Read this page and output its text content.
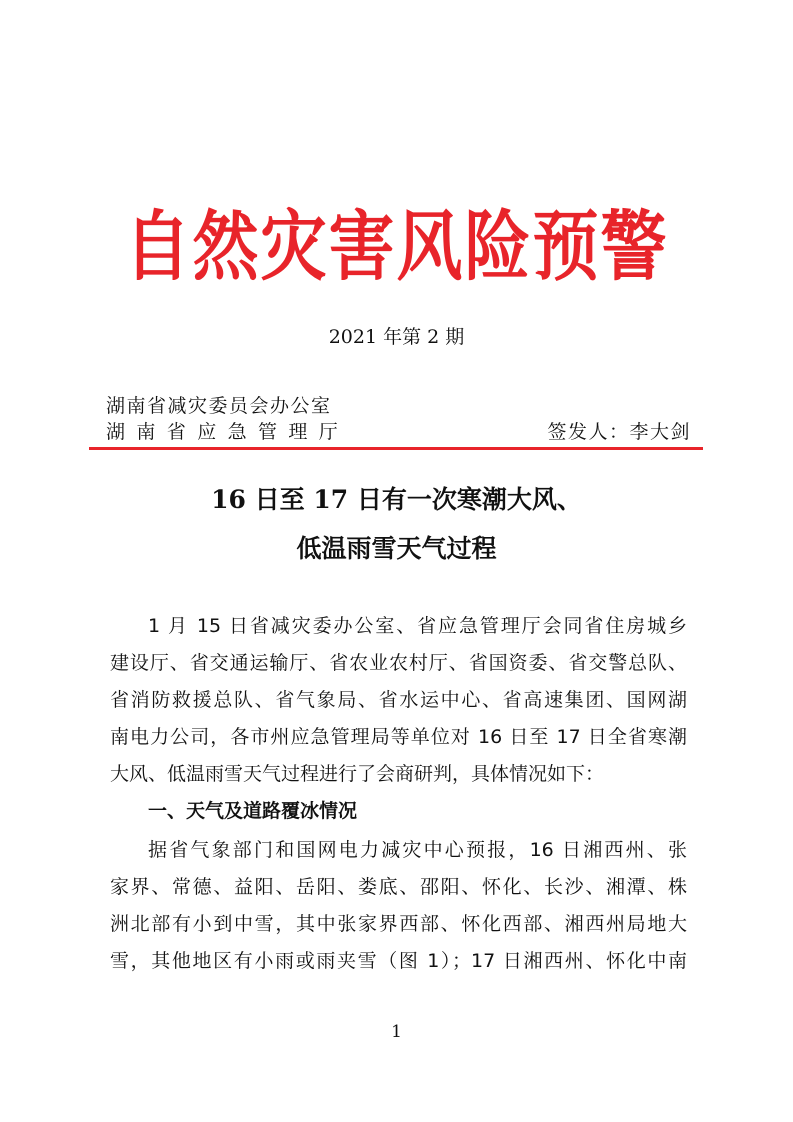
自然灾害风险预警
2021 年第 2 期
湖南省减灾委员会办公室
湖南省应急管理厅	签发人：李大剑
16 日至 17 日有一次寒潮大风、
低温雨雪天气过程
1 月 15 日省减灾委办公室、省应急管理厅会同省住房城乡
建设厅、省交通运输厅、省农业农村厅、省国资委、省交警总队、
省消防救援总队、省气象局、省水运中心、省高速集团、国网湖
南电力公司，各市州应急管理局等单位对 16 日至 17 日全省寒潮
大风、低温雨雪天气过程进行了会商研判，具体情况如下：
一、天气及道路覆冰情况
据省气象部门和国网电力减灾中心预报，16 日湘西州、张
家界、常德、益阳、岳阳、娄底、邵阳、怀化、长沙、湘潭、株
洲北部有小到中雪，其中张家界西部、怀化西部、湘西州局地大
雪，其他地区有小雨或雨夹雪（图 1）；17 日湘西州、怀化中南
1
